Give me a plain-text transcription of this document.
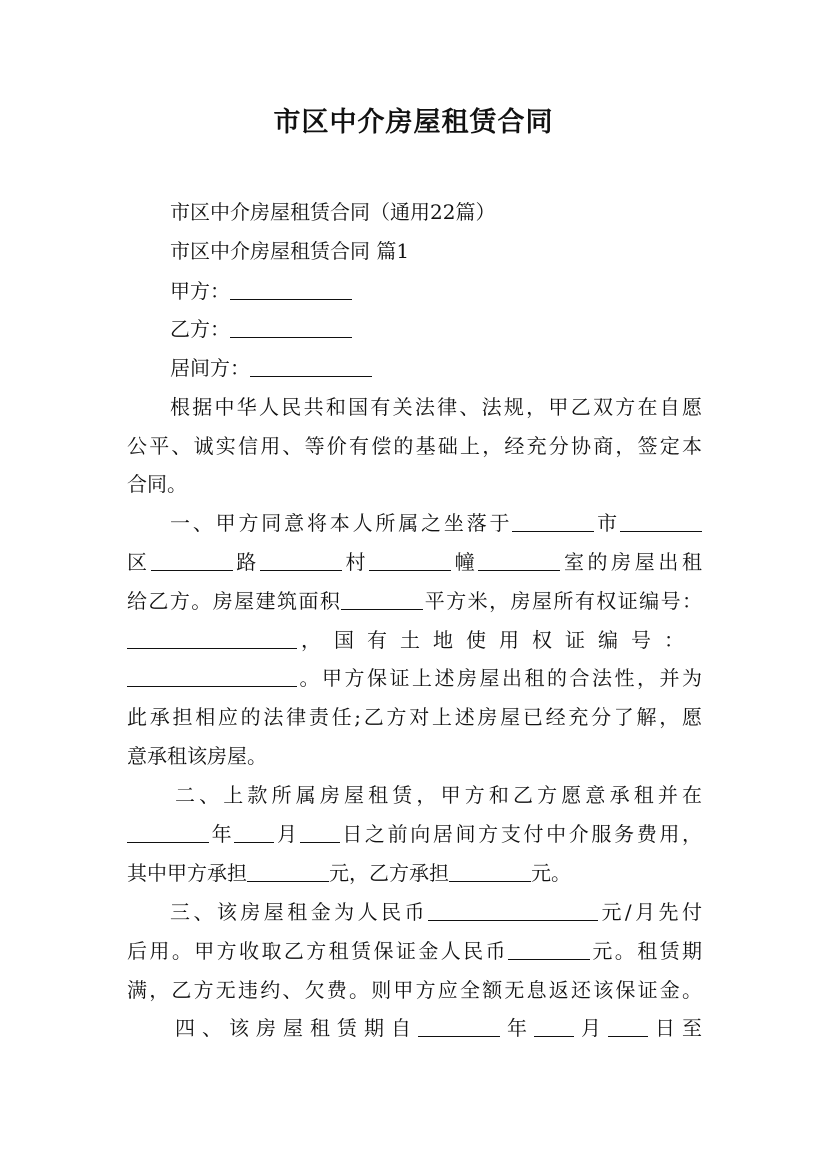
市区中介房屋租赁合同
市区中介房屋租赁合同（通用22篇）
市区中介房屋租赁合同 篇1
甲方：
乙方：
居间方：
根据中华人民共和国有关法律、法规，甲乙双方在自愿
公平、诚实信用、等价有偿的基础上，经充分协商，签定本
合同。
一、甲方同意将本人所属之坐落于	市
区	路	村	幢	室的房屋出租
给乙方。房屋建筑面积	平方米，房屋所有权证编号：
，国有土地使用权证编号：
。甲方保证上述房屋出租的合法性，并为
此承担相应的法律责任;乙方对上述房屋已经充分了解，愿
意承租该房屋。
二、上款所属房屋租赁，甲方和乙方愿意承租并在
年 月 日之前向居间方支付中介服务费用，
其中甲方承担	元，乙方承担	元。
三、该房屋租金为人民币	元/月先付
后用。甲方收取乙方租赁保证金人民币	元。租赁期
满，乙方无违约、欠费。则甲方应全额无息返还该保证金。
四、该房屋租赁期自	年 月 日至
